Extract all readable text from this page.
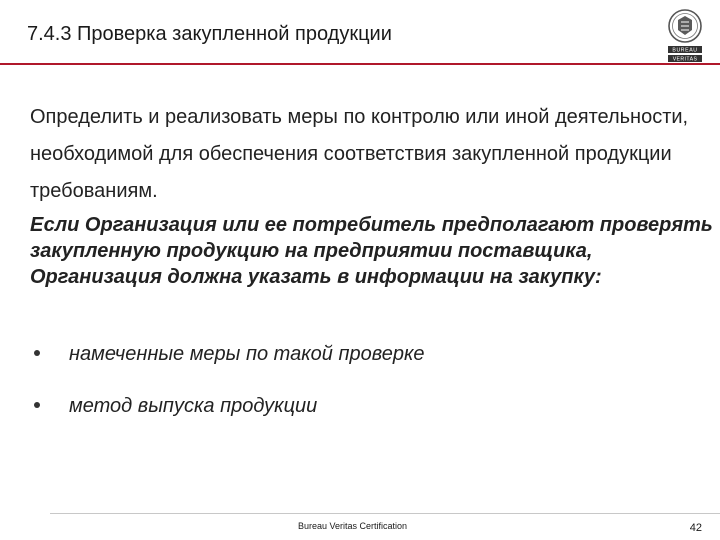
7.4.3 Проверка закупленной продукции
BUREAU
VERITAS

Определить и реализовать меры по контролю или иной деятельности, необходимой для обеспечения соответствия закупленной продукции требованиям.

Если Организация или ее потребитель предполагают проверять закупленную продукцию на предприятии поставщика, Организация должна указать в информации на закупку:

намеченные меры по такой проверке
метод выпуска продукции
Bureau Veritas Certification	42
